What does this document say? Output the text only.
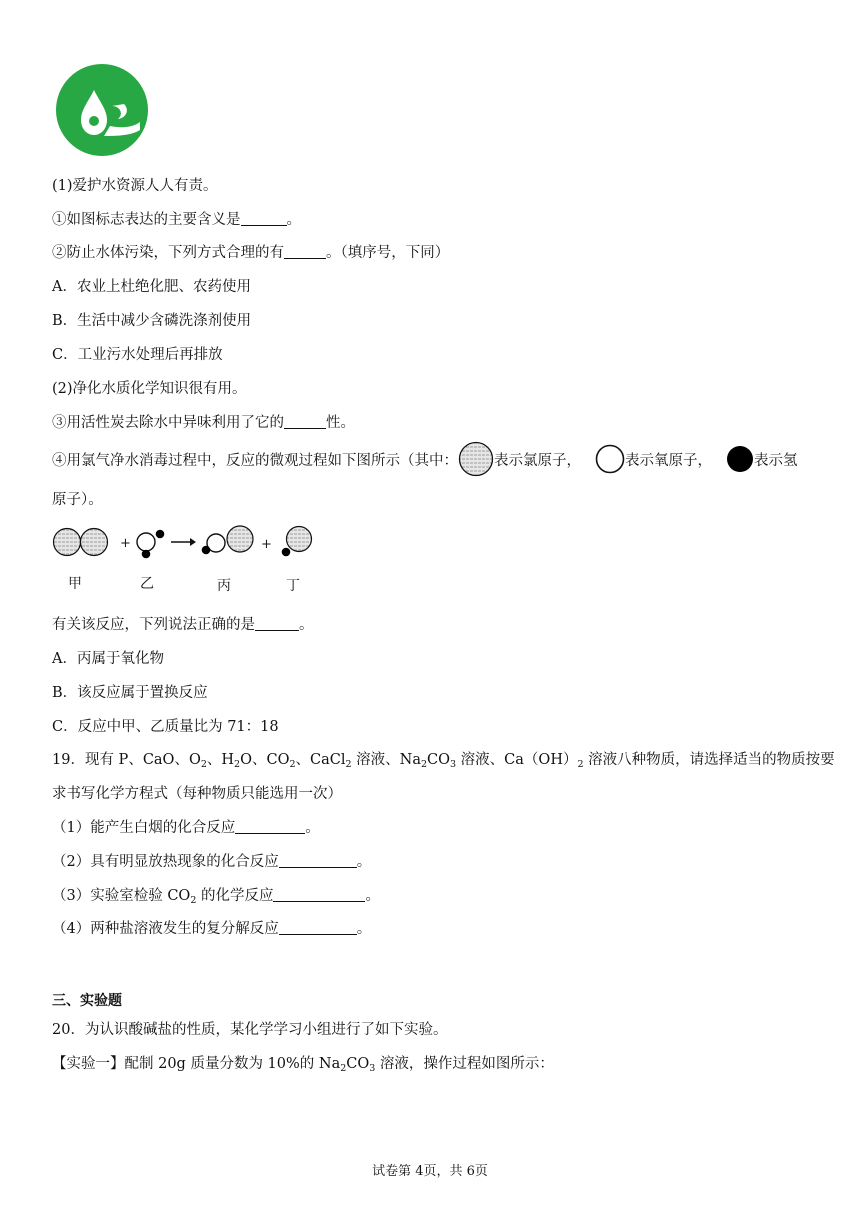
(1)爱护水资源人人有责。
①如图标志表达的主要含义是	。
②防止水体污染，下列方式合理的有	。（填序号，下同）
A．农业上杜绝化肥、农药使用
B．生活中减少含磷洗涤剂使用
C．工业污水处理后再排放
(2)净化水质化学知识很有用。
③用活性炭去除水中异味利用了它的	性。
④用氯气净水消毒过程中，反应的微观过程如下图所示（其中： 表示氯原子，	表示氧原子，	表示氢
原子）。
+	+
甲	乙	丙	丁
有关该反应，下列说法正确的是	。
A．丙属于氧化物
B．该反应属于置换反应
C．反应中甲、乙质量比为 71：18
19．现有 P、CaO、$O_2$、$H_2O$、$CO_2$、CaCl$_2$ 溶液、$Na_2CO_3$ 溶液、$Ca(OH)_2$ 溶液八种物质，请选择适当的物质按要
求书写化学方程式（每种物质只能选用一次）
（1）能产生白烟的化合反应	。
（2）具有明显放热现象的化合反应	。
（3）实验室检验 $CO_2$ 的化学反应	。
（4）两种盐溶液发生的复分解反应	。
三、实验题
20．为认识酸碱盐的性质，某化学学习小组进行了如下实验。
【实验一】配制 20g 质量分数为 10%的 $Na_2CO_3$ 溶液，操作过程如图所示：
试卷第 4页，共 6页
